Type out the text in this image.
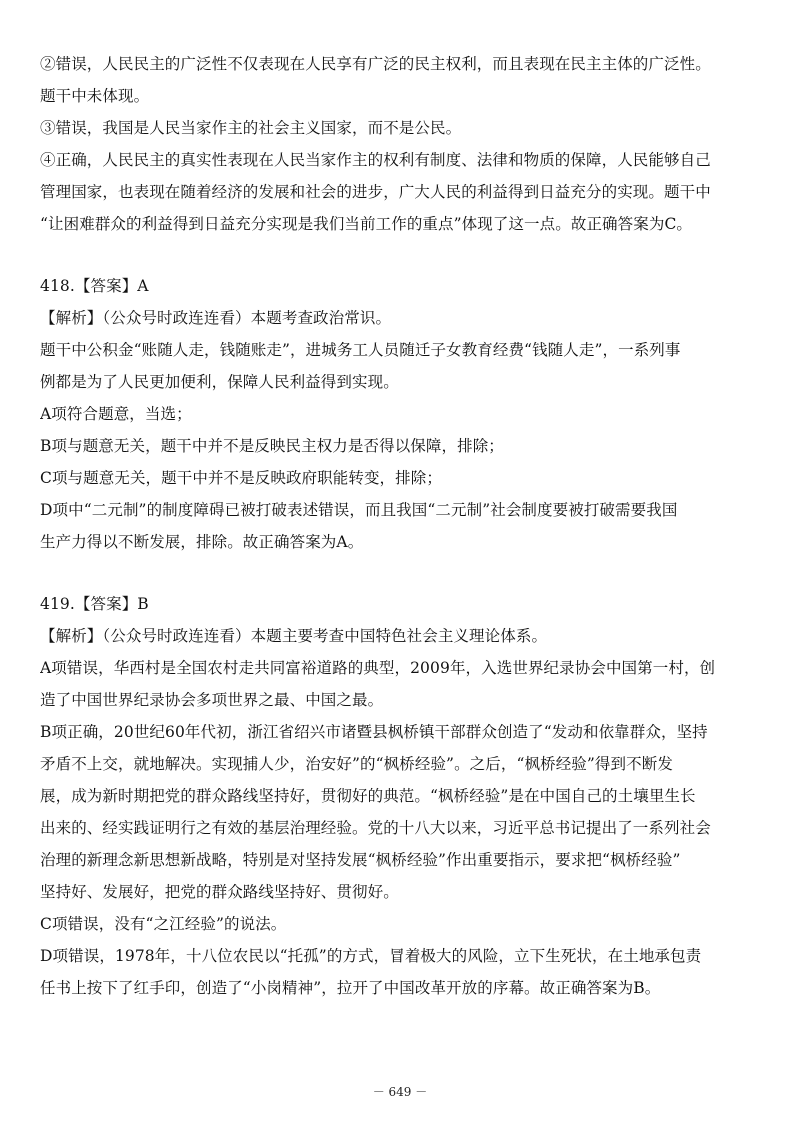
②错误，人民民主的广泛性不仅表现在人民享有广泛的民主权利，而且表现在民主主体的广泛性。
题干中未体现。
③错误，我国是人民当家作主的社会主义国家，而不是公民。
④正确，人民民主的真实性表现在人民当家作主的权利有制度、法律和物质的保障，人民能够自己
管理国家，也表现在随着经济的发展和社会的进步，广大人民的利益得到日益充分的实现。题干中
“让困难群众的利益得到日益充分实现是我们当前工作的重点”体现了这一点。故正确答案为C。
418.【答案】A
【解析】（公众号时政连连看）本题考查政治常识。
题干中公积金“账随人走，钱随账走”，进城务工人员随迁子女教育经费“钱随人走”，一系列事
例都是为了人民更加便利，保障人民利益得到实现。
A项符合题意，当选；
B项与题意无关，题干中并不是反映民主权力是否得以保障，排除；
C项与题意无关，题干中并不是反映政府职能转变，排除；
D项中“二元制”的制度障碍已被打破表述错误，而且我国“二元制”社会制度要被打破需要我国
生产力得以不断发展，排除。故正确答案为A。
419.【答案】B
【解析】（公众号时政连连看）本题主要考查中国特色社会主义理论体系。
A项错误，华西村是全国农村走共同富裕道路的典型，2009年，入选世界纪录协会中国第一村，创
造了中国世界纪录协会多项世界之最、中国之最。
B项正确，20世纪60年代初，浙江省绍兴市诸暨县枫桥镇干部群众创造了“发动和依靠群众，坚持
矛盾不上交，就地解决。实现捕人少，治安好”的“枫桥经验”。之后，“枫桥经验”得到不断发
展，成为新时期把党的群众路线坚持好，贯彻好的典范。“枫桥经验”是在中国自己的土壤里生长
出来的、经实践证明行之有效的基层治理经验。党的十八大以来，习近平总书记提出了一系列社会
治理的新理念新思想新战略，特别是对坚持发展“枫桥经验”作出重要指示，要求把“枫桥经验”
坚持好、发展好，把党的群众路线坚持好、贯彻好。
C项错误，没有“之江经验”的说法。
D项错误，1978年，十八位农民以“托孤”的方式，冒着极大的风险，立下生死状，在土地承包责
任书上按下了红手印，创造了“小岗精神”，拉开了中国改革开放的序幕。故正确答案为B。
－ 649 －
